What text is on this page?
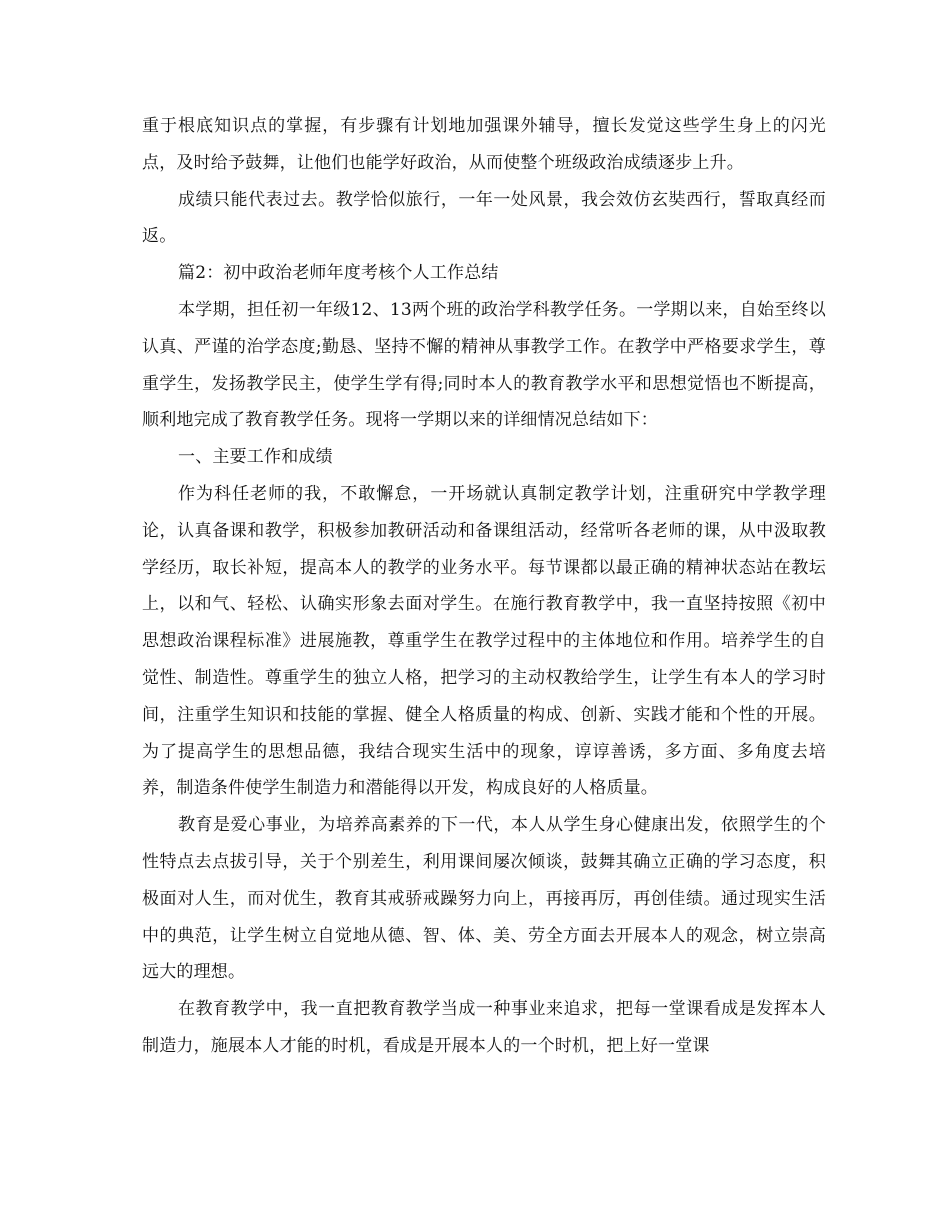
重于根底知识点的掌握，有步骤有计划地加强课外辅导，擅长发觉这些学生身上的闪光点，及时给予鼓舞，让他们也能学好政治，从而使整个班级政治成绩逐步上升。

成绩只能代表过去。教学恰似旅行，一年一处风景，我会效仿玄奘西行，誓取真经而返。

篇2：初中政治老师年度考核个人工作总结

本学期，担任初一年级12、13两个班的政治学科教学任务。一学期以来，自始至终以认真、严谨的治学态度;勤恳、坚持不懈的精神从事教学工作。在教学中严格要求学生，尊重学生，发扬教学民主，使学生学有得;同时本人的教育教学水平和思想觉悟也不断提高，顺利地完成了教育教学任务。现将一学期以来的详细情况总结如下：

一、主要工作和成绩

作为科任老师的我，不敢懈怠，一开场就认真制定教学计划，注重研究中学教学理论，认真备课和教学，积极参加教研活动和备课组活动，经常听各老师的课，从中汲取教学经历，取长补短，提高本人的教学的业务水平。每节课都以最正确的精神状态站在教坛上，以和气、轻松、认确实形象去面对学生。在施行教育教学中，我一直坚持按照《初中思想政治课程标准》进展施教，尊重学生在教学过程中的主体地位和作用。培养学生的自觉性、制造性。尊重学生的独立人格，把学习的主动权教给学生，让学生有本人的学习时间，注重学生知识和技能的掌握、健全人格质量的构成、创新、实践才能和个性的开展。为了提高学生的思想品德，我结合现实生活中的现象，谆谆善诱，多方面、多角度去培养，制造条件使学生制造力和潜能得以开发，构成良好的人格质量。

教育是爱心事业，为培养高素养的下一代，本人从学生身心健康出发，依照学生的个性特点去点拔引导，关于个别差生，利用课间屡次倾谈，鼓舞其确立正确的学习态度，积极面对人生，而对优生，教育其戒骄戒躁努力向上，再接再厉，再创佳绩。通过现实生活中的典范，让学生树立自觉地从德、智、体、美、劳全方面去开展本人的观念，树立崇高远大的理想。

在教育教学中，我一直把教育教学当成一种事业来追求，把每一堂课看成是发挥本人制造力，施展本人才能的时机，看成是开展本人的一个时机，把上好一堂课
